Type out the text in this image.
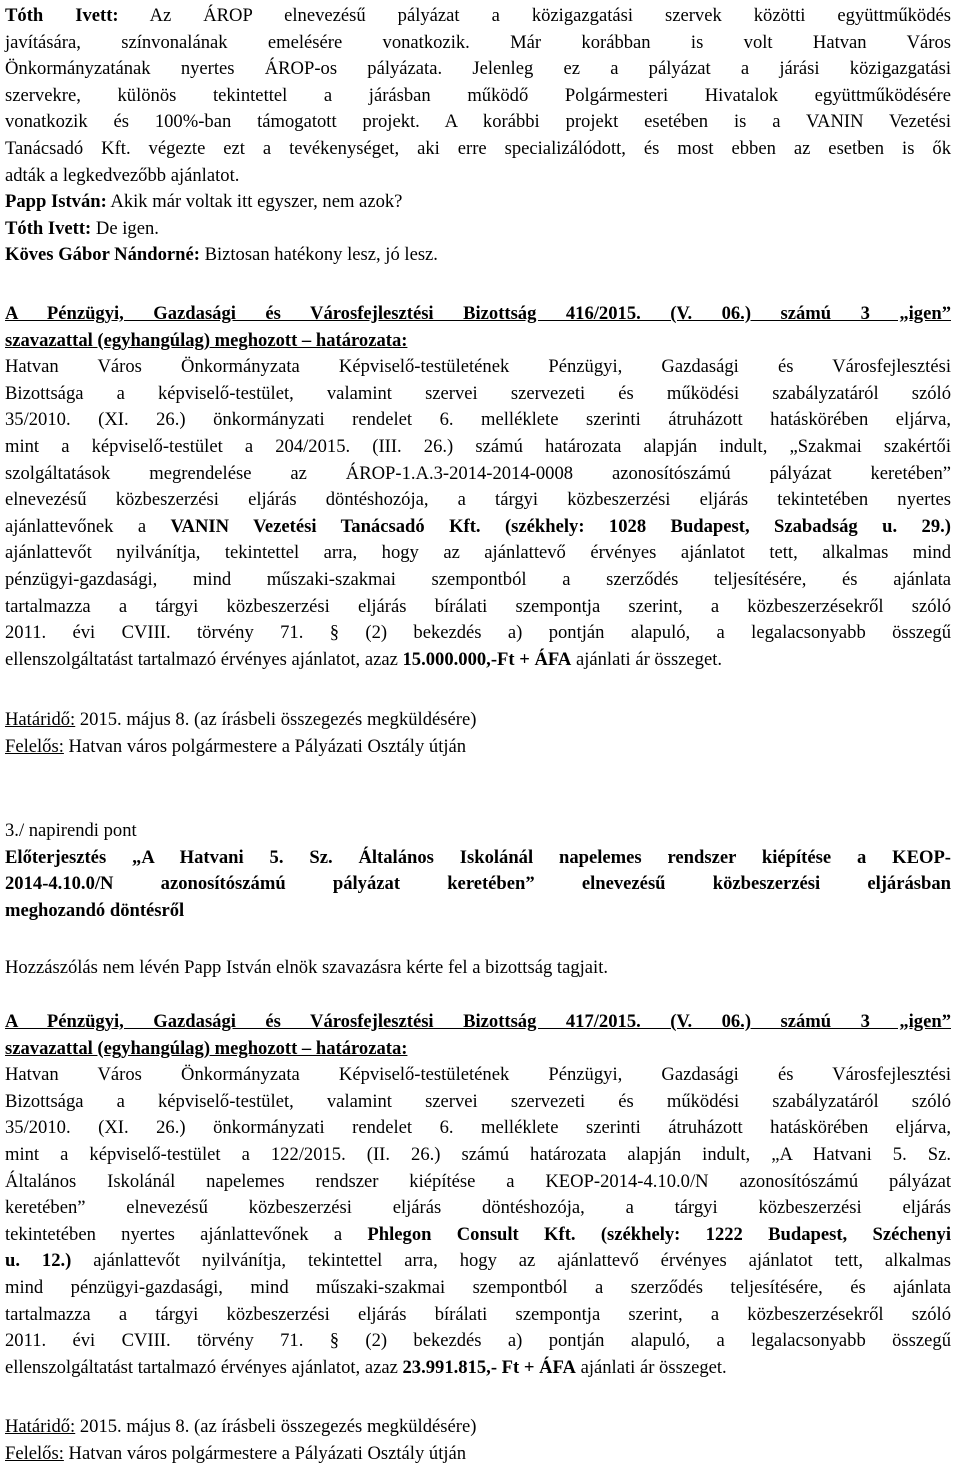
Tóth Ivett: Az ÁROP elnevezésű pályázat a közigazgatási szervek közötti együttműködés
javítására, színvonalának emelésére vonatkozik. Már korábban is volt Hatvan Város
Önkormányzatának nyertes ÁROP-os pályázata. Jelenleg ez a pályázat a járási közigazgatási
szervekre, különös tekintettel a járásban működő Polgármesteri Hivatalok együttműködésére
vonatkozik és 100%-ban támogatott projekt. A korábbi projekt esetében is a VANIN Vezetési
Tanácsadó Kft. végezte ezt a tevékenységet, aki erre specializálódott, és most ebben az esetben is ők
adták a legkedvezőbb ajánlatot.
Papp István: Akik már voltak itt egyszer, nem azok?
Tóth Ivett: De igen.
Köves Gábor Nándorné: Biztosan hatékony lesz, jó lesz.
A Pénzügyi, Gazdasági és Városfejlesztési Bizottság 416/2015. (V. 06.) számú 3 „igen”
szavazattal (egyhangúlag) meghozott – határozata:
Hatvan Város Önkormányzata Képviselő-testületének Pénzügyi, Gazdasági és Városfejlesztési
Bizottsága a képviselő-testület, valamint szervei szervezeti és működési szabályzatáról szóló
35/2010. (XI. 26.) önkormányzati rendelet 6. melléklete szerinti átruházott hatáskörében eljárva,
mint a képviselő-testület a 204/2015. (III. 26.) számú határozata alapján indult, „Szakmai szakértői
szolgáltatások megrendelése az ÁROP-1.A.3-2014-2014-0008 azonosítószámú pályázat keretében”
elnevezésű közbeszerzési eljárás döntéshozója, a tárgyi közbeszerzési eljárás tekintetében nyertes
ajánlattevőnek a VANIN Vezetési Tanácsadó Kft. (székhely: 1028 Budapest, Szabadság u. 29.)
ajánlattevőt nyilvánítja, tekintettel arra, hogy az ajánlattevő érvényes ajánlatot tett, alkalmas mind
pénzügyi-gazdasági, mind műszaki-szakmai szempontból a szerződés teljesítésére, és ajánlata
tartalmazza a tárgyi közbeszerzési eljárás bírálati szempontja szerint, a közbeszerzésekről szóló
2011. évi CVIII. törvény 71. § (2) bekezdés a) pontján alapuló, a legalacsonyabb összegű
ellenszolgáltatást tartalmazó érvényes ajánlatot, azaz 15.000.000,-Ft + ÁFA ajánlati ár összeget.
Határidő: 2015. május 8. (az írásbeli összegezés megküldésére)
Felelős: Hatvan város polgármestere a Pályázati Osztály útján
3./ napirendi pont
Előterjesztés „A Hatvani 5. Sz. Általános Iskolánál napelemes rendszer kiépítése a KEOP-
2014-4.10.0/N azonosítószámú pályázat keretében” elnevezésű közbeszerzési eljárásban
meghozandó döntésről
Hozzászólás nem lévén Papp István elnök szavazásra kérte fel a bizottság tagjait.
A Pénzügyi, Gazdasági és Városfejlesztési Bizottság 417/2015. (V. 06.) számú 3 „igen”
szavazattal (egyhangúlag) meghozott – határozata:
Hatvan Város Önkormányzata Képviselő-testületének Pénzügyi, Gazdasági és Városfejlesztési
Bizottsága a képviselő-testület, valamint szervei szervezeti és működési szabályzatáról szóló
35/2010. (XI. 26.) önkormányzati rendelet 6. melléklete szerinti átruházott hatáskörében eljárva,
mint a képviselő-testület a 122/2015. (II. 26.) számú határozata alapján indult, „A Hatvani 5. Sz.
Általános Iskolánál napelemes rendszer kiépítése a KEOP-2014-4.10.0/N azonosítószámú pályázat
keretében” elnevezésű közbeszerzési eljárás döntéshozója, a tárgyi közbeszerzési eljárás
tekintetében nyertes ajánlattevőnek a Phlegon Consult Kft. (székhely: 1222 Budapest, Széchenyi
u. 12.) ajánlattevőt nyilvánítja, tekintettel arra, hogy az ajánlattevő érvényes ajánlatot tett, alkalmas
mind pénzügyi-gazdasági, mind műszaki-szakmai szempontból a szerződés teljesítésére, és ajánlata
tartalmazza a tárgyi közbeszerzési eljárás bírálati szempontja szerint, a közbeszerzésekről szóló
2011. évi CVIII. törvény 71. § (2) bekezdés a) pontján alapuló, a legalacsonyabb összegű
ellenszolgáltatást tartalmazó érvényes ajánlatot, azaz 23.991.815,- Ft + ÁFA ajánlati ár összeget.
Határidő: 2015. május 8. (az írásbeli összegezés megküldésére)
Felelős: Hatvan város polgármestere a Pályázati Osztály útján
